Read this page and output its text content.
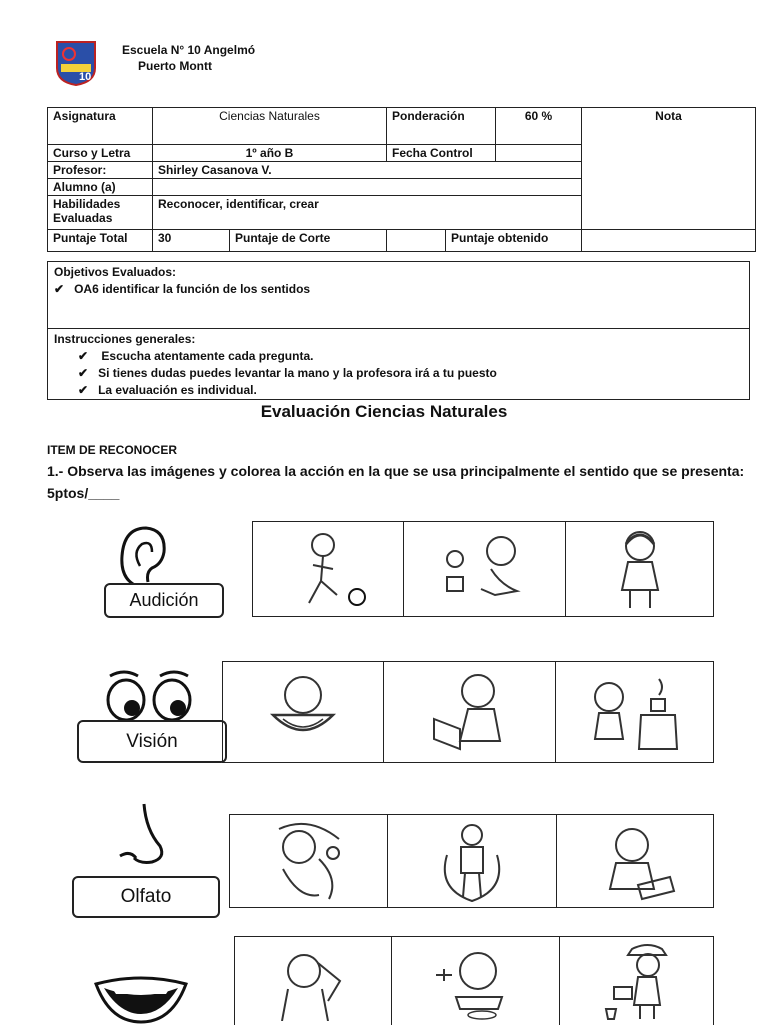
10
Escuela N° 10 Angelmó
Puerto Montt
Asignatura	Ciencias Naturales		Ponderación		60 %	Nota
Curso y Letra	1º año B		Fecha Control			
Profesor:	Shirley Casanova V.					
Alumno (a)						
Habilidades
Evaluadas	Reconocer, identificar, crear					
Puntaje Total	30	Puntaje de Corte		Puntaje obtenido		
Objetivos Evaluados:
✔ OA6 identificar la función de los sentidos
Instrucciones generales:
✔ Escucha atentamente cada pregunta.
✔ Si tienes dudas puedes levantar la mano y la profesora irá a tu puesto
✔ La evaluación es individual.
Evaluación Ciencias Naturales
ITEM DE RECONOCER
1.- Observa las imágenes y colorea la acción en la que se usa principalmente el sentido que se presenta: 5ptos/____
Audición
Visión
Olfato
